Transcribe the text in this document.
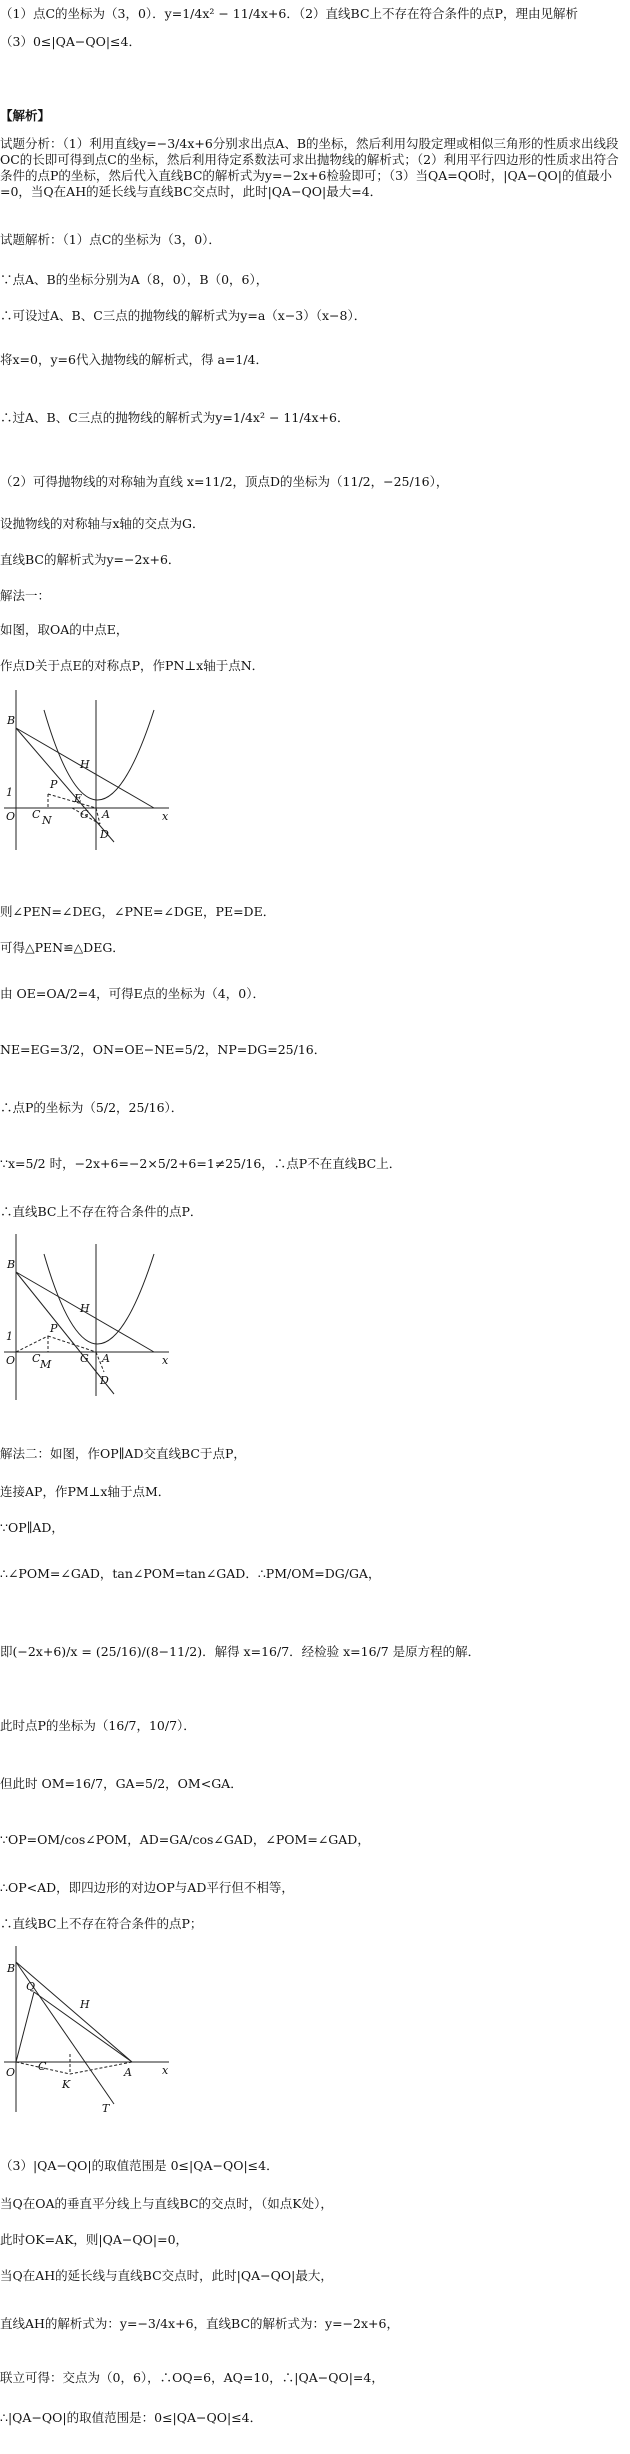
（1）点C的坐标为（3，0）．y=1/4x² − 11/4x+6．（2）直线BC上不存在符合条件的点P，理由见解析
（3）0≤|QA−QO|≤4．
【解析】
试题分析：（1）利用直线y=−3/4x+6分别求出点A、B的坐标，然后利用勾股定理或相似三角形的性质求出线段OC的长即可得到点C的坐标，然后利用待定系数法可求出抛物线的解析式；（2）利用平行四边形的性质求出符合条件的点P的坐标，然后代入直线BC的解析式为y=−2x+6检验即可；（3）当QA=QO时，|QA−QO|的值最小=0，当Q在AH的延长线与直线BC交点时，此时|QA−QO|最大=4．
试题解析：（1）点C的坐标为（3，0）．
∵点A、B的坐标分别为A（8，0），B（0，6），
∴可设过A、B、C三点的抛物线的解析式为y=a（x−3）（x−8）．
将x=0，y=6代入抛物线的解析式，得 a=1/4．
∴过A、B、C三点的抛物线的解析式为y=1/4x² − 11/4x+6．
（2）可得抛物线的对称轴为直线 x=11/2，顶点D的坐标为（11/2，−25/16），
设抛物线的对称轴与x轴的交点为G．
直线BC的解析式为y=−2x+6．
解法一：
如图，取OA的中点E，
作点D关于点E的对称点P，作PN⊥x轴于点N．
B
H
P
1
O	x
E
G A
C N
D
则∠PEN=∠DEG，∠PNE=∠DGE，PE=DE．
可得△PEN≌△DEG．
由 OE=OA/2=4，可得E点的坐标为（4，0）．
NE=EG=3/2，ON=OE−NE=5/2，NP=DG=25/16．
∴点P的坐标为（5/2，25/16）．
∵x=5/2 时，−2x+6=−2×5/2+6=1≠25/16，∴点P不在直线BC上．
∴直线BC上不存在符合条件的点P．
B
H
P
1
O	x
M
C	G A
D
解法二：如图，作OP∥AD交直线BC于点P，
连接AP，作PM⊥x轴于点M．
∵OP∥AD，
∴∠POM=∠GAD，tan∠POM=tan∠GAD．∴PM/OM=DG/GA，
即(−2x+6)/x = (25/16)/(8−11/2)．解得 x=16/7．经检验 x=16/7 是原方程的解．
此时点P的坐标为（16/7，10/7）．
但此时 OM=16/7，GA=5/2，OM<GA．
∵OP=OM/cos∠POM，AD=GA/cos∠GAD，∠POM=∠GAD，
∴OP<AD，即四边形的对边OP与AD平行但不相等，
∴直线BC上不存在符合条件的点P；
B
Q
H
O	x
C
K
A
T
（3）|QA−QO|的取值范围是 0≤|QA−QO|≤4．
当Q在OA的垂直平分线上与直线BC的交点时，（如点K处），
此时OK=AK，则|QA−QO|=0，
当Q在AH的延长线与直线BC交点时，此时|QA−QO|最大，
直线AH的解析式为：y=−3/4x+6，直线BC的解析式为：y=−2x+6，
联立可得：交点为（0，6），∴OQ=6，AQ=10，∴|QA−QO|=4，
∴|QA−QO|的取值范围是：0≤|QA−QO|≤4．
